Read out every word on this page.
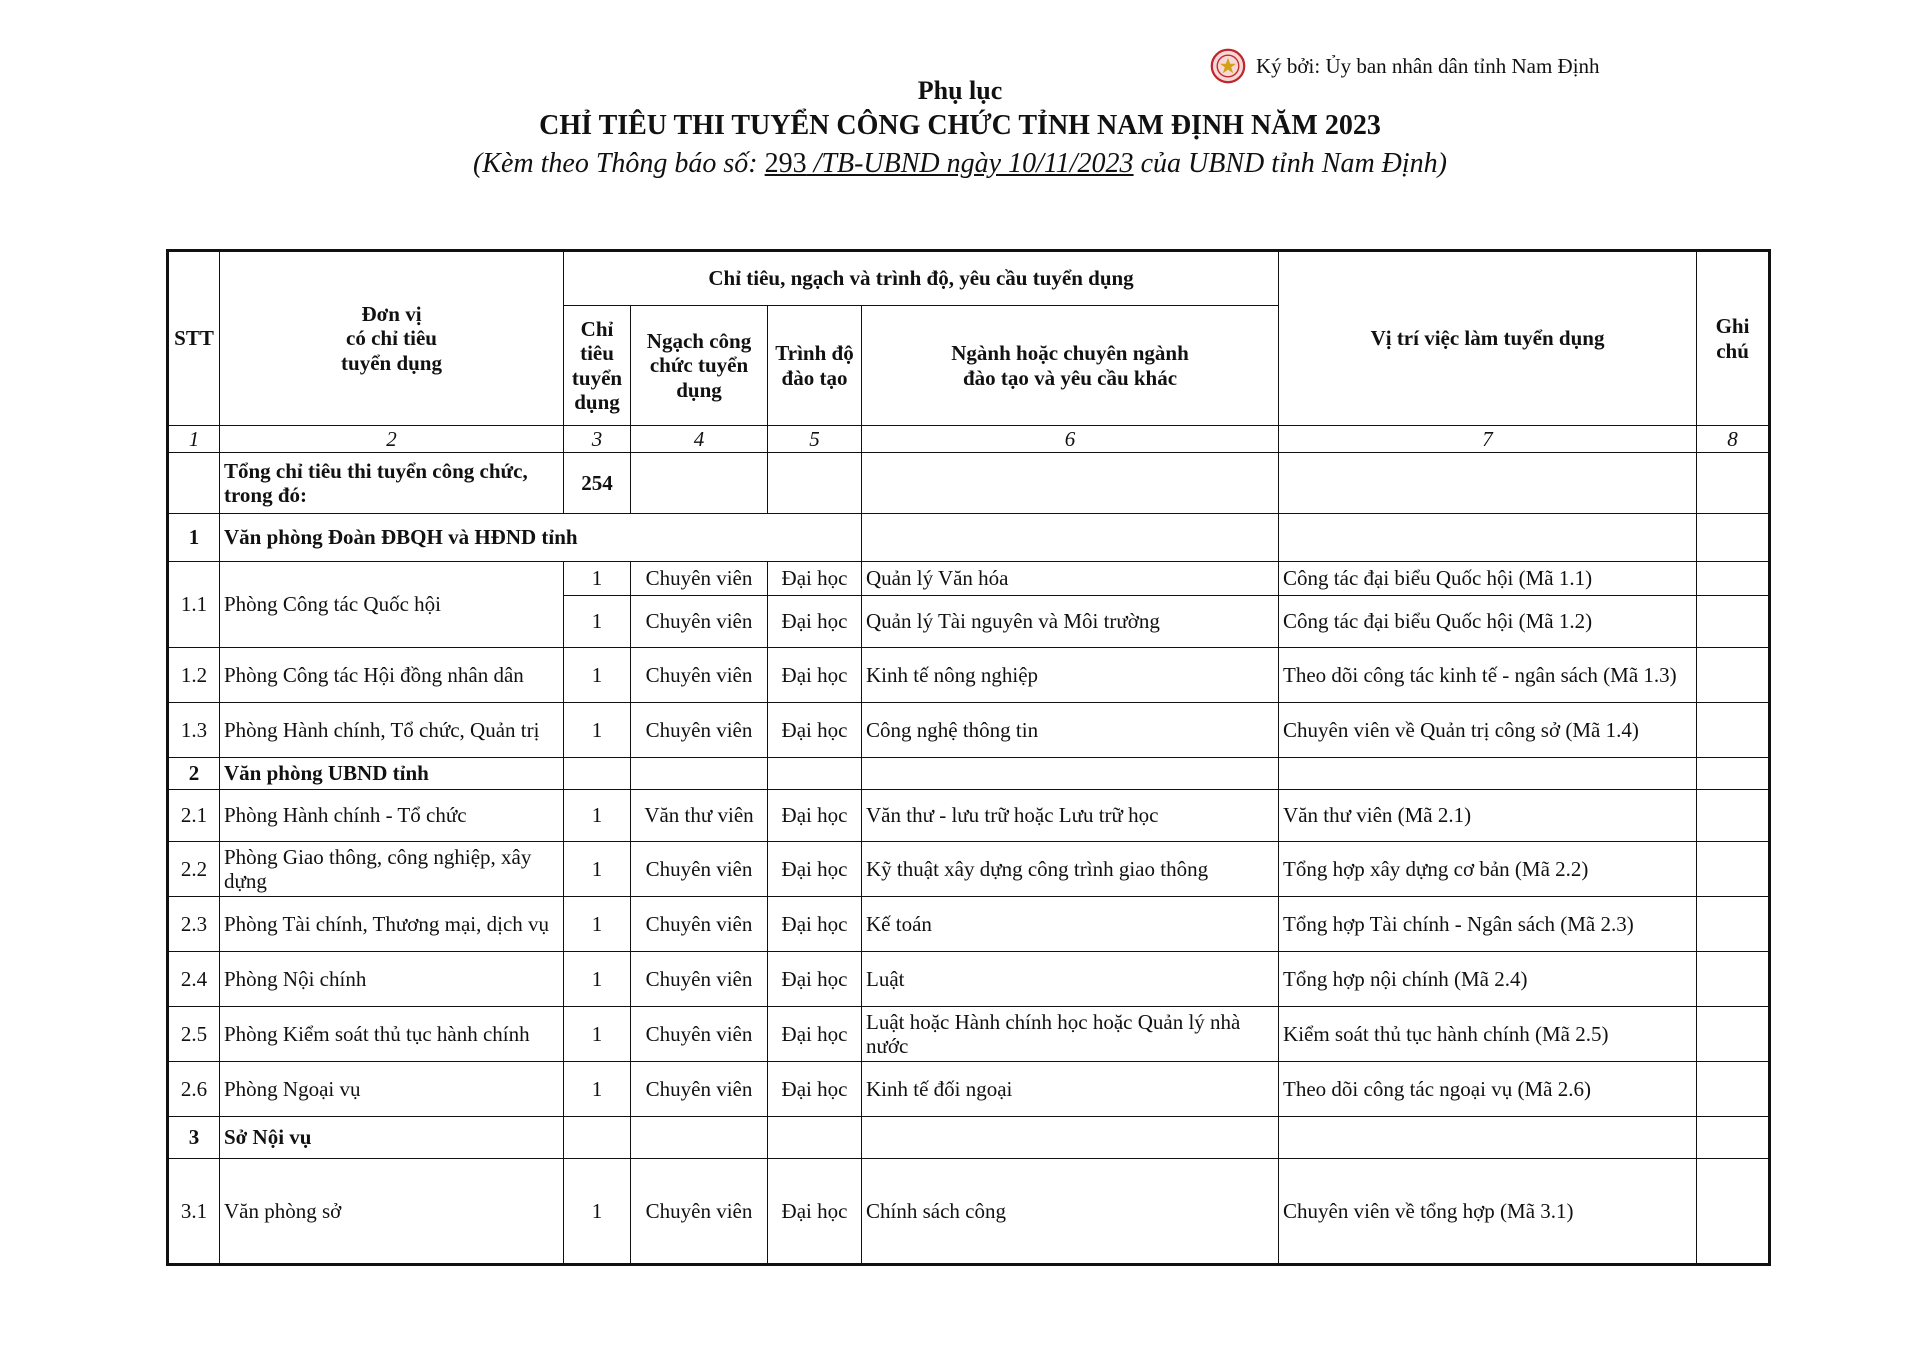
Ký bởi: Ủy ban nhân dân tỉnh Nam Định
Phụ lục
CHỈ TIÊU THI TUYỂN CÔNG CHỨC TỈNH NAM ĐỊNH NĂM 2023
(Kèm theo Thông báo số: 293 /TB-UBND ngày 10/11/2023 của UBND tỉnh Nam Định)
STT	Đơn vị
có chỉ tiêu
tuyển dụng	Chỉ tiêu, ngạch và trình độ, yêu cầu tuyển dụng				Vị trí việc làm tuyển dụng	Ghi
chú
		Chỉ
tiêu
tuyển
dụng	Ngạch công
chức tuyển
dụng	Trình độ
đào tạo	Ngành hoặc chuyên ngành
đào tạo và yêu cầu khác		
1	2	3	4	5	6	7	8
	Tổng chỉ tiêu thi tuyển công chức, trong đó:	254					
1	Văn phòng Đoàn ĐBQH và HĐND tỉnh						
1.1	Phòng Công tác Quốc hội	1	Chuyên viên	Đại học	Quản lý Văn hóa	Công tác đại biểu Quốc hội (Mã 1.1)	
		1	Chuyên viên	Đại học	Quản lý Tài nguyên và Môi trường	Công tác đại biểu Quốc hội (Mã 1.2)	
1.2	Phòng Công tác Hội đồng nhân dân	1	Chuyên viên	Đại học	Kinh tế nông nghiệp	Theo dõi công tác kinh tế - ngân sách (Mã 1.3)	
1.3	Phòng Hành chính, Tổ chức, Quản trị	1	Chuyên viên	Đại học	Công nghệ thông tin	Chuyên viên về Quản trị công sở (Mã 1.4)	
2	Văn phòng UBND tỉnh						
2.1	Phòng Hành chính - Tổ chức	1	Văn thư viên	Đại học	Văn thư - lưu trữ hoặc Lưu trữ học	Văn thư viên (Mã 2.1)	
2.2	Phòng Giao thông, công nghiệp, xây dựng	1	Chuyên viên	Đại học	Kỹ thuật xây dựng công trình giao thông	Tổng hợp xây dựng cơ bản (Mã 2.2)	
2.3	Phòng Tài chính, Thương mại, dịch vụ	1	Chuyên viên	Đại học	Kế toán	Tổng hợp Tài chính - Ngân sách (Mã 2.3)	
2.4	Phòng Nội chính	1	Chuyên viên	Đại học	Luật	Tổng hợp nội chính (Mã 2.4)	
2.5	Phòng Kiểm soát thủ tục hành chính	1	Chuyên viên	Đại học	Luật hoặc Hành chính học hoặc Quản lý nhà nước	Kiểm soát thủ tục hành chính (Mã 2.5)	
2.6	Phòng Ngoại vụ	1	Chuyên viên	Đại học	Kinh tế đối ngoại	Theo dõi công tác ngoại vụ (Mã 2.6)	
3	Sở Nội vụ						
3.1	Văn phòng sở	1	Chuyên viên	Đại học	Chính sách công	Chuyên viên về tổng hợp (Mã 3.1)	
